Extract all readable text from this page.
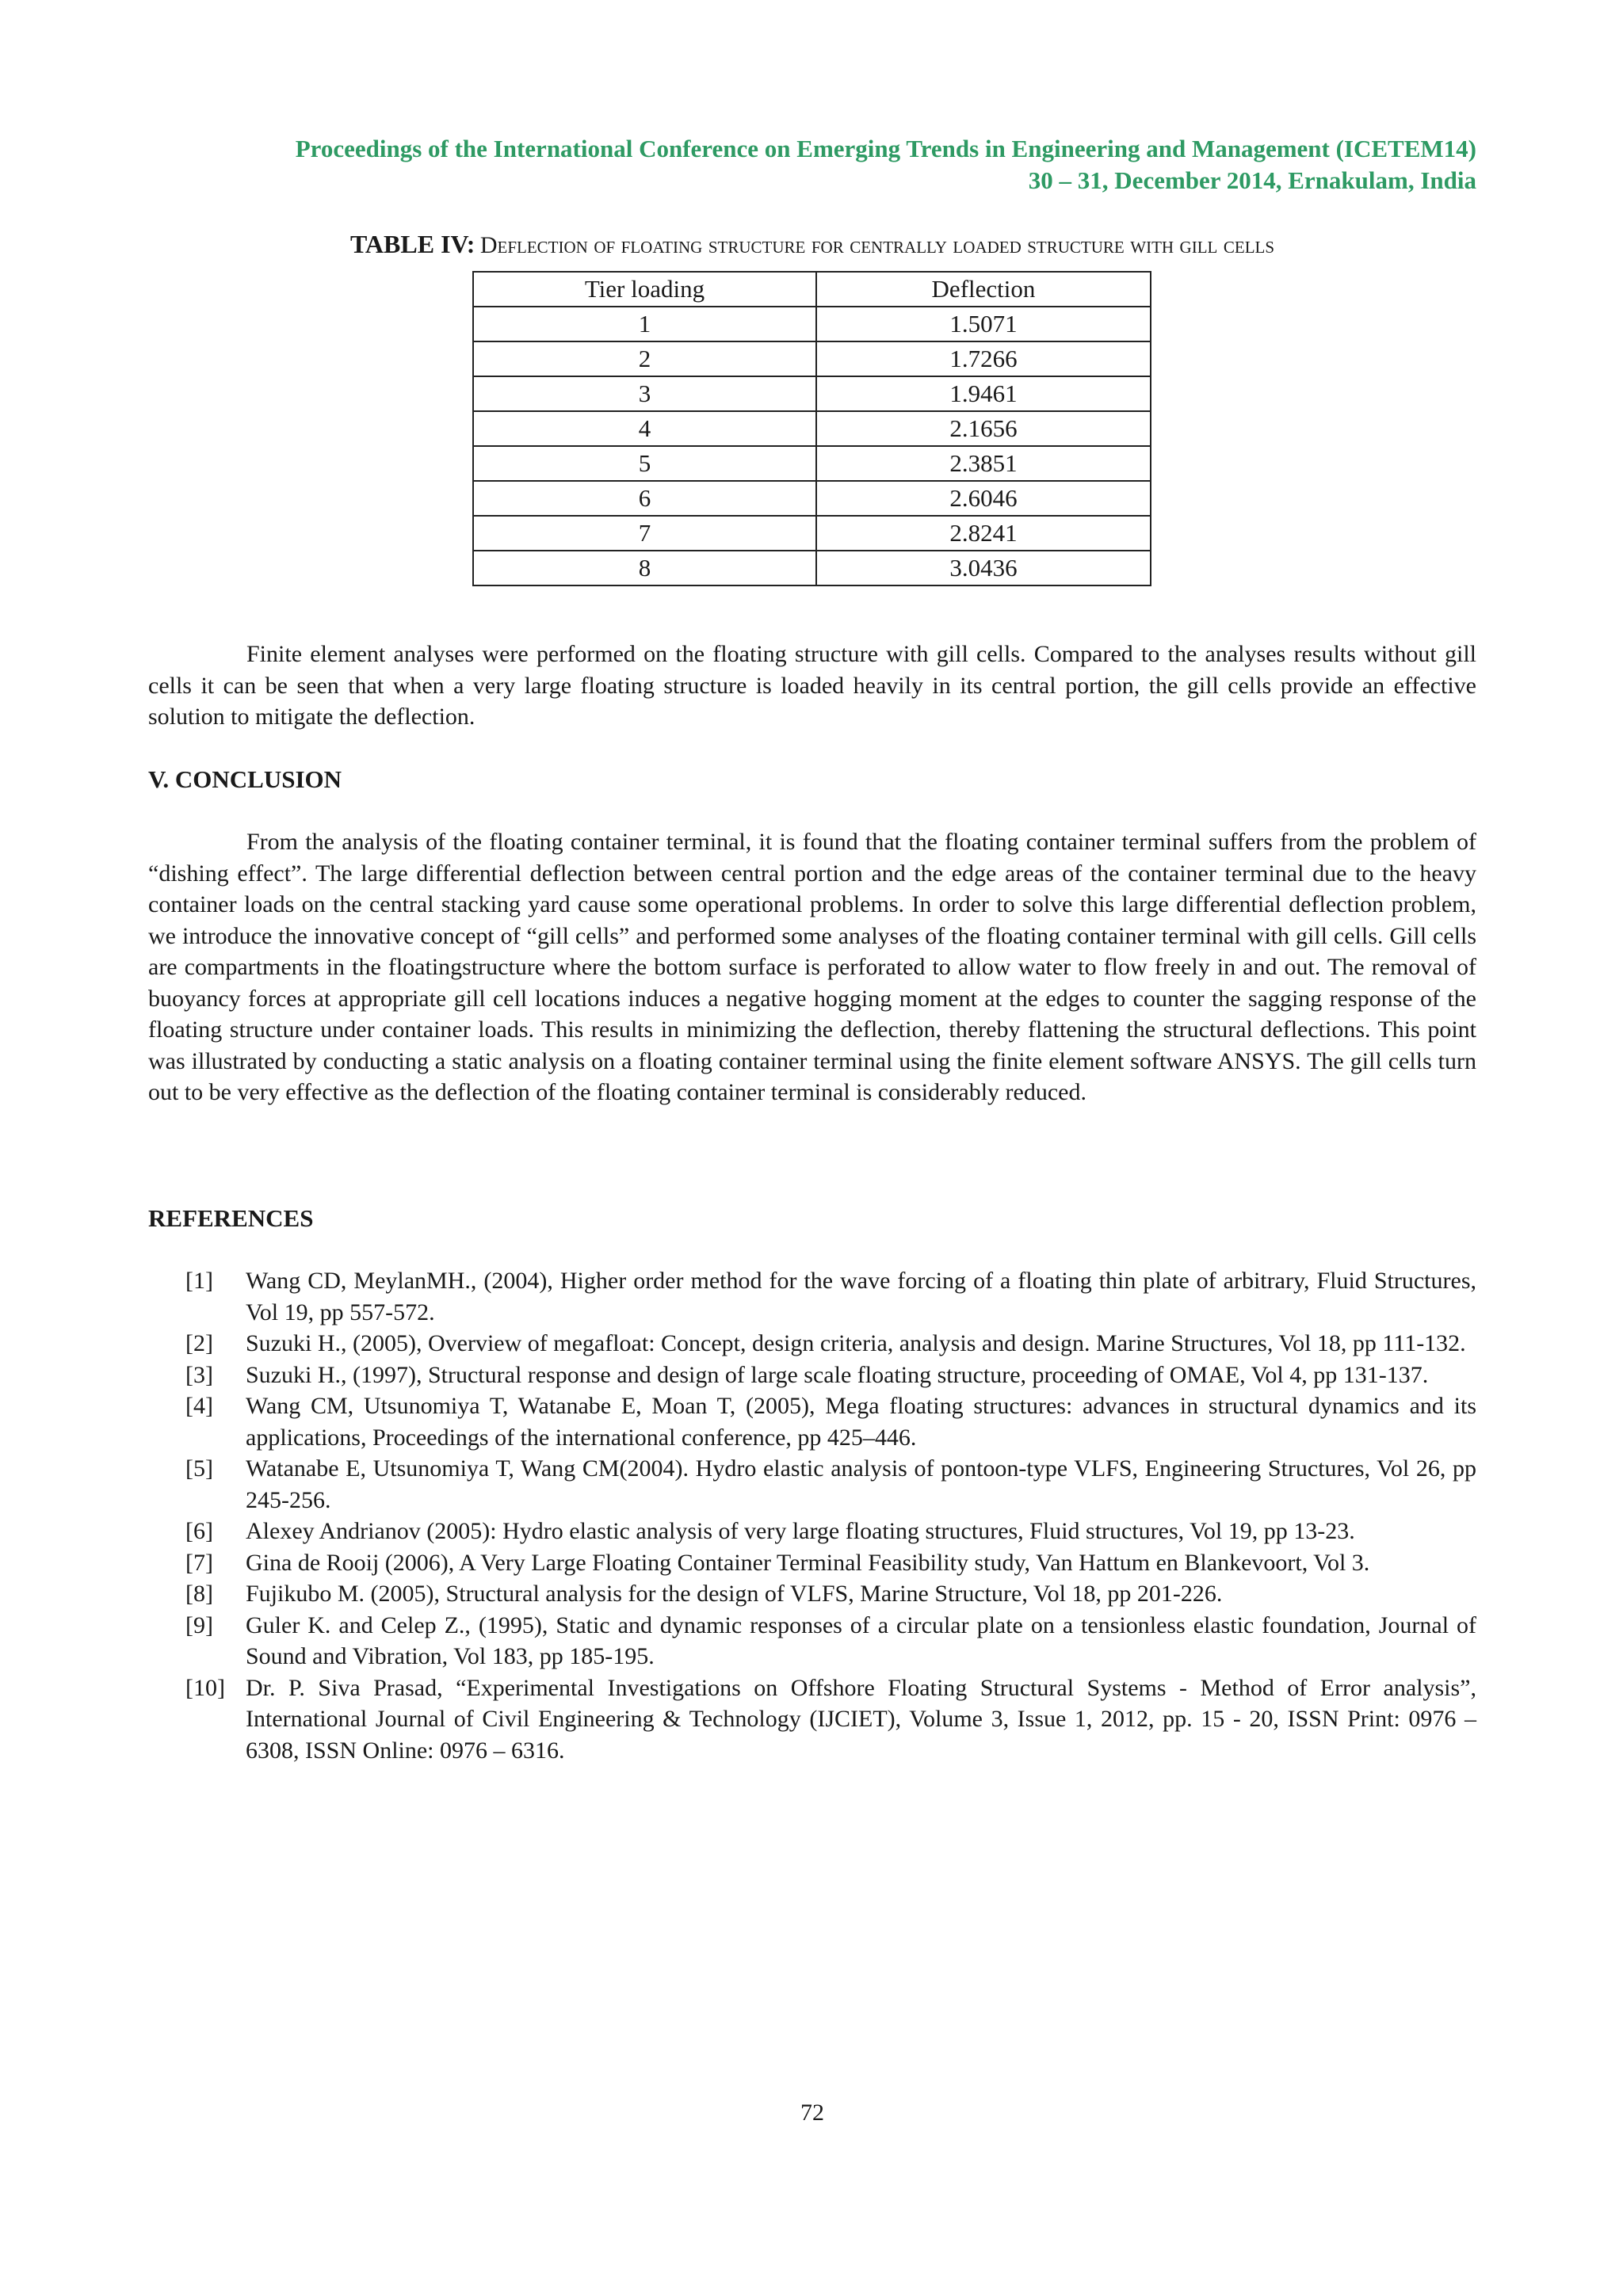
Proceedings of the International Conference on Emerging Trends in Engineering and Management (ICETEM14)
30 – 31, December 2014, Ernakulam, India
TABLE IV: Deflection of floating structure for centrally loaded structure with gill cells
Tier loading	Deflection
1	1.5071
2	1.7266
3	1.9461
4	2.1656
5	2.3851
6	2.6046
7	2.8241
8	3.0436

Finite element analyses were performed on the floating structure with gill cells. Compared to the analyses results without gill cells it can be seen that when a very large floating structure is loaded heavily in its central portion, the gill cells provide an effective solution to mitigate the deflection.

V. CONCLUSION

From the analysis of the floating container terminal, it is found that the floating container terminal suffers from the problem of “dishing effect”. The large differential deflection between central portion and the edge areas of the container terminal due to the heavy container loads on the central stacking yard cause some operational problems. In order to solve this large differential deflection problem, we introduce the innovative concept of “gill cells” and performed some analyses of the floating container terminal with gill cells. Gill cells are compartments in the floatingstructure where the bottom surface is perforated to allow water to flow freely in and out. The removal of buoyancy forces at appropriate gill cell locations induces a negative hogging moment at the edges to counter the sagging response of the floating structure under container loads. This results in minimizing the deflection, thereby flattening the structural deflections. This point was illustrated by conducting a static analysis on a floating container terminal using the finite element software ANSYS. The gill cells turn out to be very effective as the deflection of the floating container terminal is considerably reduced.

REFERENCES
[1]	Wang CD, MeylanMH., (2004), Higher order method for the wave forcing of a floating thin plate of arbitrary, Fluid Structures, Vol 19, pp 557-572.
[2]	Suzuki H., (2005), Overview of megafloat: Concept, design criteria, analysis and design. Marine Structures, Vol 18, pp 111-132.
[3]	Suzuki H., (1997), Structural response and design of large scale floating structure, proceeding of OMAE, Vol 4, pp 131-137.
[4]	Wang CM, Utsunomiya T, Watanabe E, Moan T, (2005), Mega floating structures: advances in structural dynamics and its applications, Proceedings of the international conference, pp 425–446.
[5]	Watanabe E, Utsunomiya T, Wang CM(2004). Hydro elastic analysis of pontoon-type VLFS, Engineering Structures, Vol 26, pp 245-256.
[6]	Alexey Andrianov (2005): Hydro elastic analysis of very large floating structures, Fluid structures, Vol 19, pp 13-23.
[7]	Gina de Rooij (2006), A Very Large Floating Container Terminal Feasibility study, Van Hattum en Blankevoort, Vol 3.
[8]	Fujikubo M. (2005), Structural analysis for the design of VLFS, Marine Structure, Vol 18, pp 201-226.
[9]	Guler K. and Celep Z., (1995), Static and dynamic responses of a circular plate on a tensionless elastic foundation, Journal of Sound and Vibration, Vol 183, pp 185-195.
[10] Dr. P. Siva Prasad, “Experimental Investigations on Offshore Floating Structural Systems - Method of Error analysis”, International Journal of Civil Engineering & Technology (IJCIET), Volume 3, Issue 1, 2012, pp. 15 - 20, ISSN Print: 0976 – 6308, ISSN Online: 0976 – 6316.
72
